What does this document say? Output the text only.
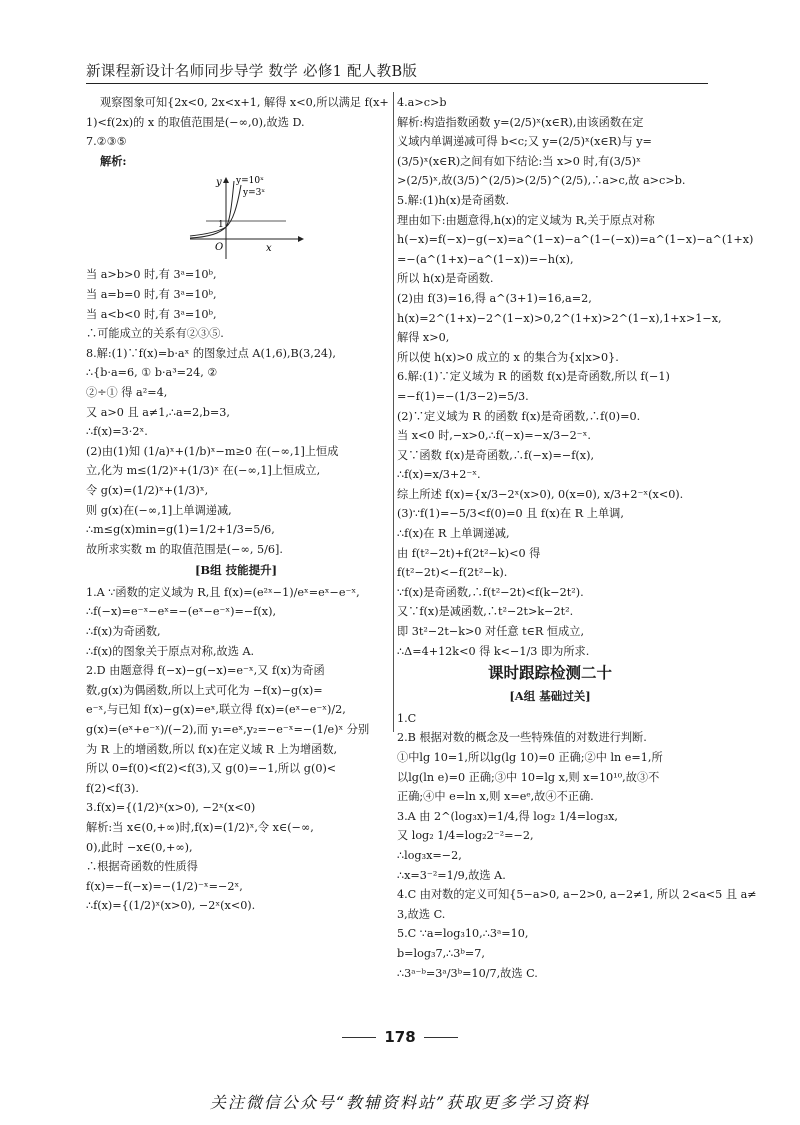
新课程新设计名师同步导学 数学 必修1 配人教B版
观察图象可知{2x<0, 2x<x+1, 解得 x<0,所以满足 f(x+
1)<f(2x)的 x 的取值范围是(−∞,0),故选 D.
7.②③⑤
解析:
y y=10ˣ
y=3ˣ
1
O	x
当 a>b>0 时,有 3ᵃ=10ᵇ,
当 a=b=0 时,有 3ᵃ=10ᵇ,
当 a<b<0 时,有 3ᵃ=10ᵇ,
∴可能成立的关系有②③⑤.
8.解:(1)∵f(x)=b·aˣ 的图象过点 A(1,6),B(3,24),
∴{b·a=6, ① b·a³=24, ②
②÷① 得 a²=4,
又 a>0 且 a≠1,∴a=2,b=3,
∴f(x)=3·2ˣ.
(2)由(1)知 (1/a)ˣ+(1/b)ˣ−m≥0 在(−∞,1]上恒成
立,化为 m≤(1/2)ˣ+(1/3)ˣ 在(−∞,1]上恒成立,
令 g(x)=(1/2)ˣ+(1/3)ˣ,
则 g(x)在(−∞,1]上单调递减,
∴m≤g(x)min=g(1)=1/2+1/3=5/6,
故所求实数 m 的取值范围是(−∞, 5/6].
[B组 技能提升]
1.A ∵函数的定义域为 R,且 f(x)=(e²ˣ−1)/eˣ=eˣ−e⁻ˣ,
∴f(−x)=e⁻ˣ−eˣ=−(eˣ−e⁻ˣ)=−f(x),
∴f(x)为奇函数,
∴f(x)的图象关于原点对称,故选 A.
2.D 由题意得 f(−x)−g(−x)=e⁻ˣ,又 f(x)为奇函
数,g(x)为偶函数,所以上式可化为 −f(x)−g(x)=
e⁻ˣ,与已知 f(x)−g(x)=eˣ,联立得 f(x)=(eˣ−e⁻ˣ)/2,
g(x)=(eˣ+e⁻ˣ)/(−2),而 y₁=eˣ,y₂=−e⁻ˣ=−(1/e)ˣ 分别
为 R 上的增函数,所以 f(x)在定义域 R 上为增函数,
所以 0=f(0)<f(2)<f(3),又 g(0)=−1,所以 g(0)<
f(2)<f(3).
3.f(x)={(1/2)ˣ(x>0), −2ˣ(x<0)
解析:当 x∈(0,+∞)时,f(x)=(1/2)ˣ,令 x∈(−∞,
0),此时 −x∈(0,+∞),
∴根据奇函数的性质得
f(x)=−f(−x)=−(1/2)⁻ˣ=−2ˣ,
∴f(x)={(1/2)ˣ(x>0), −2ˣ(x<0).
4.a>c>b
解析:构造指数函数 y=(2/5)ˣ(x∈R),由该函数在定
义域内单调递减可得 b<c;又 y=(2/5)ˣ(x∈R)与 y=
(3/5)ˣ(x∈R)之间有如下结论:当 x>0 时,有(3/5)ˣ
>(2/5)ˣ,故(3/5)^(2/5)>(2/5)^(2/5),∴a>c,故 a>c>b.
5.解:(1)h(x)是奇函数.
理由如下:由题意得,h(x)的定义域为 R,关于原点对称
h(−x)=f(−x)−g(−x)=a^(1−x)−a^(1−(−x))=a^(1−x)−a^(1+x)
=−(a^(1+x)−a^(1−x))=−h(x),
所以 h(x)是奇函数.
(2)由 f(3)=16,得 a^(3+1)=16,a=2,
h(x)=2^(1+x)−2^(1−x)>0,2^(1+x)>2^(1−x),1+x>1−x,
解得 x>0,
所以使 h(x)>0 成立的 x 的集合为{x|x>0}.
6.解:(1)∵定义域为 R 的函数 f(x)是奇函数,所以 f(−1)
=−f(1)=−(1/3−2)=5/3.
(2)∵定义域为 R 的函数 f(x)是奇函数,∴f(0)=0.
当 x<0 时,−x>0,∴f(−x)=−x/3−2⁻ˣ.
又∵函数 f(x)是奇函数,∴f(−x)=−f(x),
∴f(x)=x/3+2⁻ˣ.
综上所述 f(x)={x/3−2ˣ(x>0), 0(x=0), x/3+2⁻ˣ(x<0).
(3)∵f(1)=−5/3<f(0)=0 且 f(x)在 R 上单调,
∴f(x)在 R 上单调递减,
由 f(t²−2t)+f(2t²−k)<0 得
f(t²−2t)<−f(2t²−k).
∵f(x)是奇函数,∴f(t²−2t)<f(k−2t²).
又∵f(x)是减函数,∴t²−2t>k−2t².
即 3t²−2t−k>0 对任意 t∈R 恒成立,
∴Δ=4+12k<0 得 k<−1/3 即为所求.
课时跟踪检测二十
[A组 基础过关]
1.C
2.B 根据对数的概念及一些特殊值的对数进行判断.
①中lg 10=1,所以lg(lg 10)=0 正确;②中 ln e=1,所
以lg(ln e)=0 正确;③中 10=lg x,则 x=10¹⁰,故③不
正确;④中 e=ln x,则 x=eᵉ,故④不正确.
3.A 由 2^(log₃x)=1/4,得 log₂ 1/4=log₃x,
又 log₂ 1/4=log₂2⁻²=−2,
∴log₃x=−2,
∴x=3⁻²=1/9,故选 A.
4.C 由对数的定义可知{5−a>0, a−2>0, a−2≠1, 所以 2<a<5 且 a≠
3,故选 C.
5.C ∵a=log₃10,∴3ᵃ=10,
b=log₃7,∴3ᵇ=7,
∴3ᵃ⁻ᵇ=3ᵃ/3ᵇ=10/7,故选 C.
178
关注微信公众号“教辅资料站”获取更多学习资料
